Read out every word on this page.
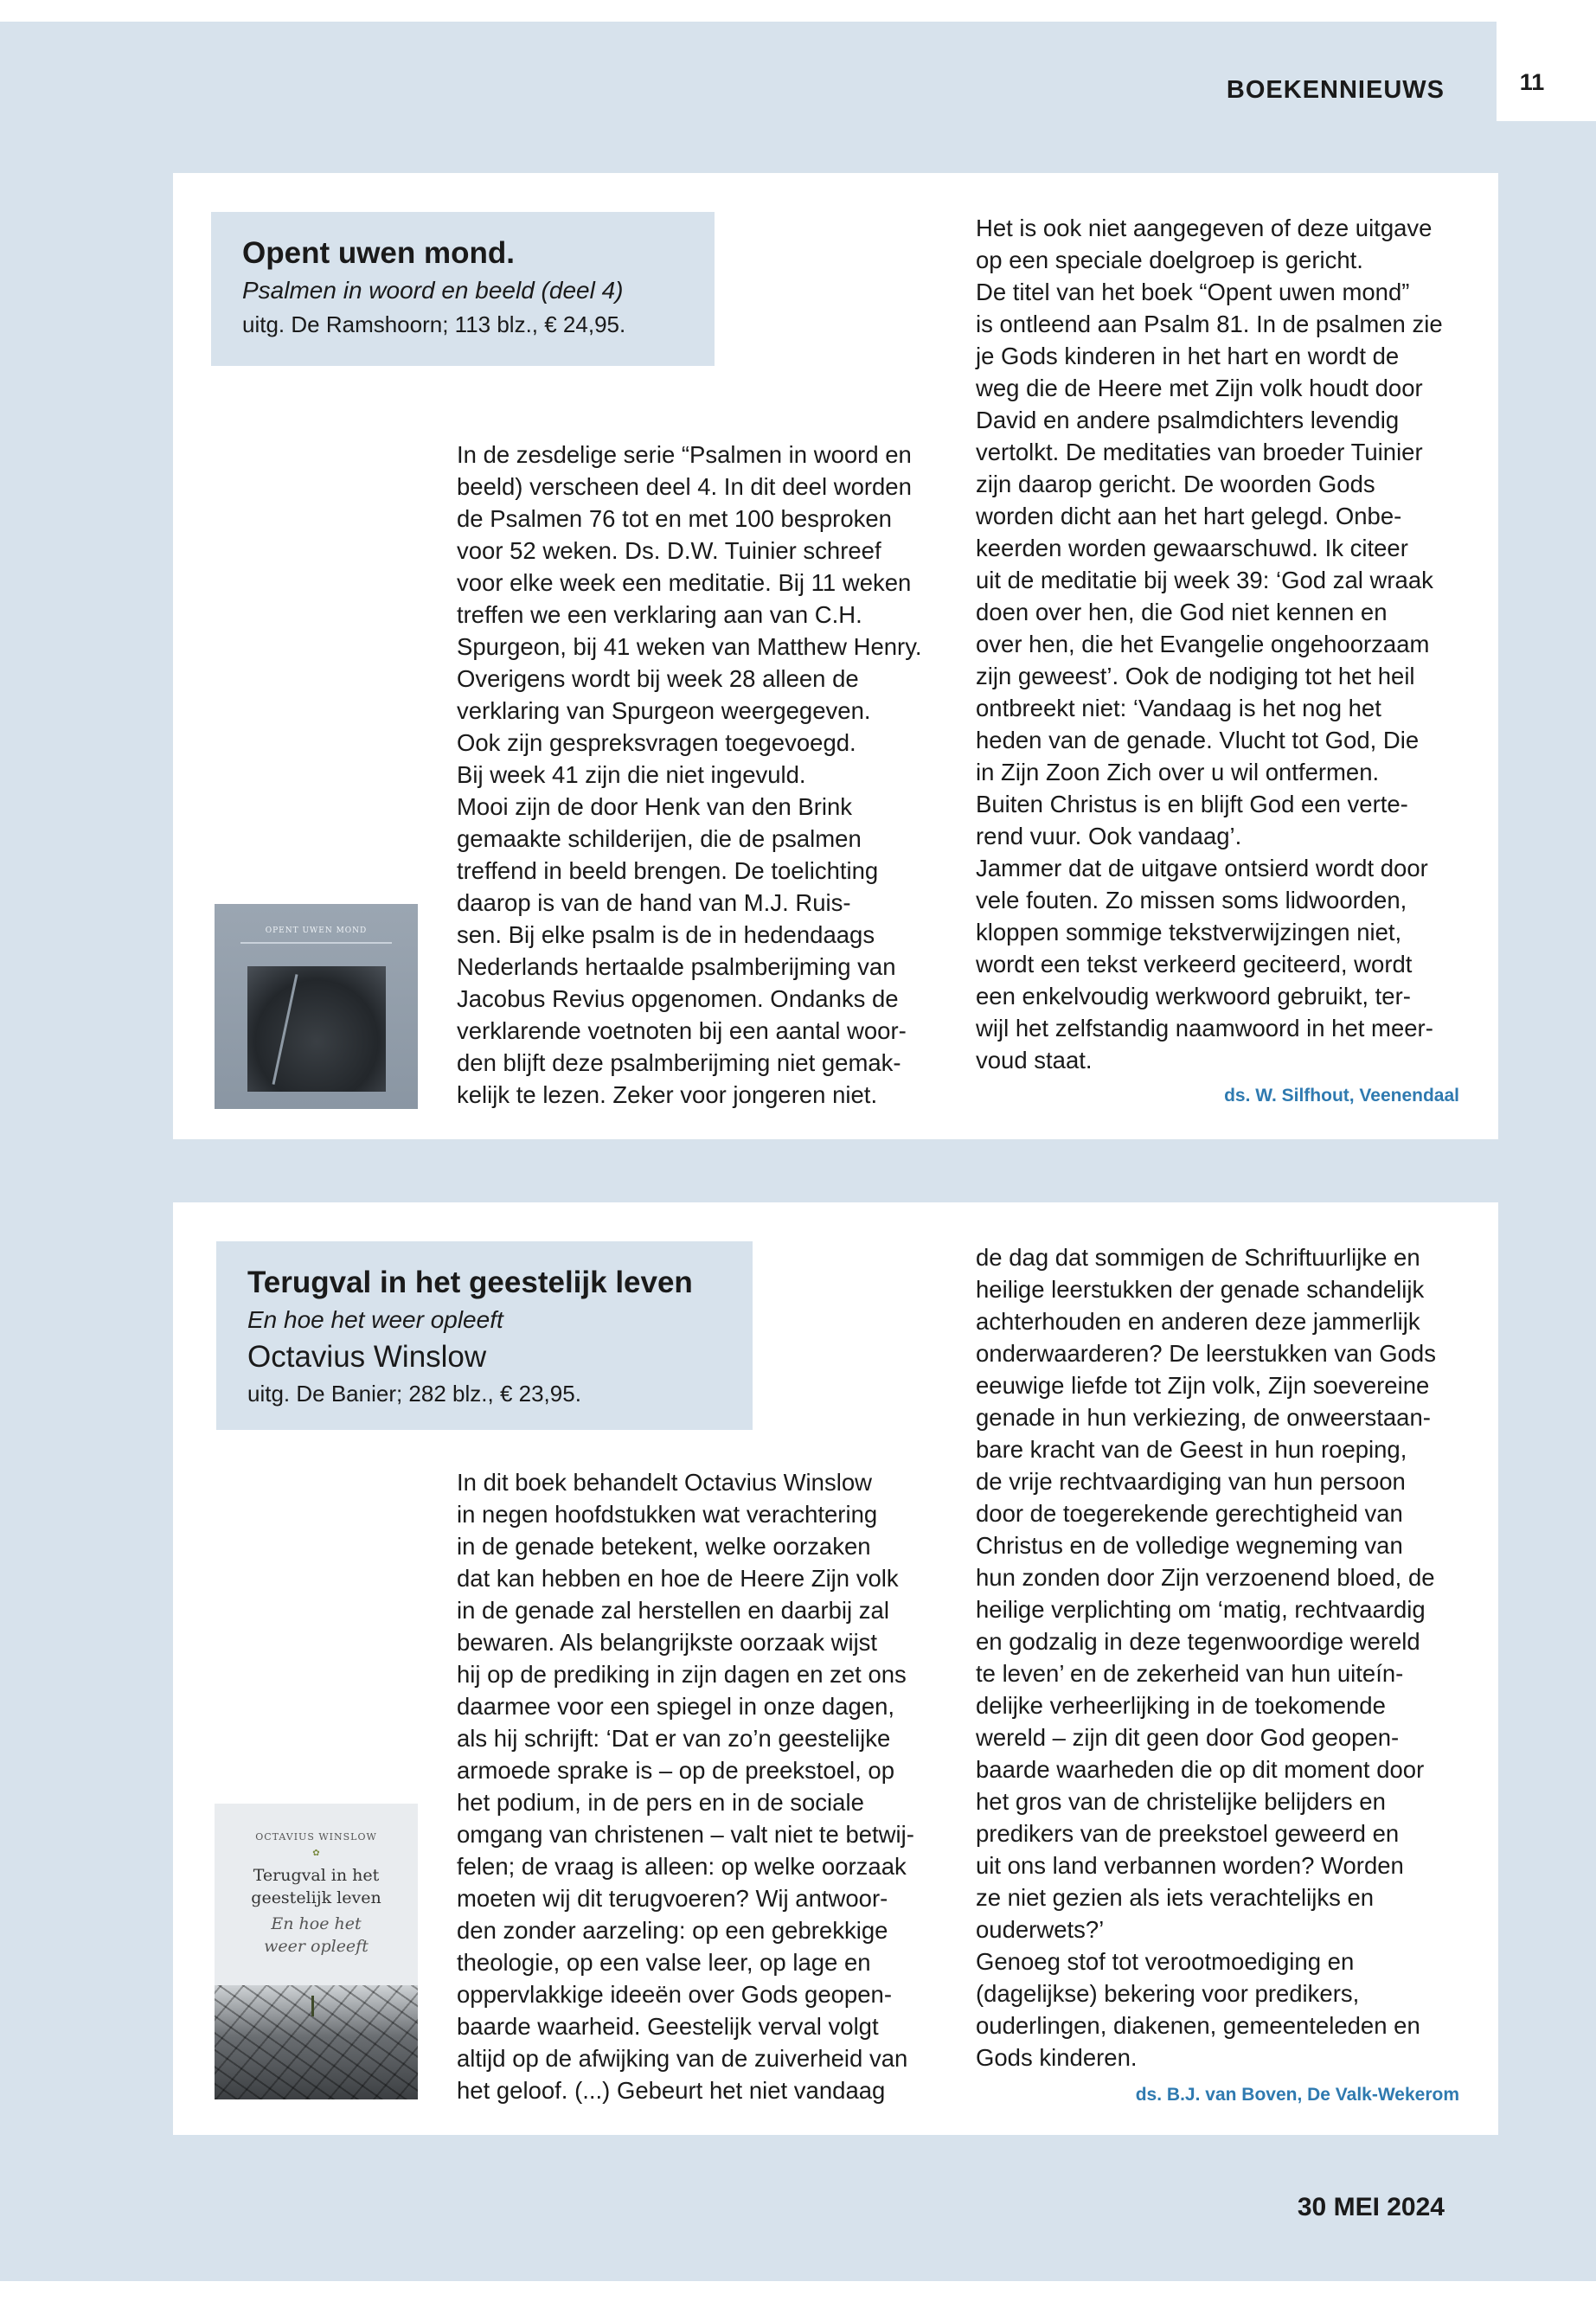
11
BOEKENNIEUWS
Opent uwen mond.
Psalmen in woord en beeld (deel 4)
uitg. De Ramshoorn; 113 blz., € 24,95.
OPENT UWEN MOND
In de zesdelige serie “Psalmen in woord en
beeld) verscheen deel 4. In dit deel worden
de Psalmen 76 tot en met 100 besproken
voor 52 weken. Ds. D.W. Tuinier schreef
voor elke week een meditatie. Bij 11 weken
treffen we een verklaring aan van C.H.
Spurgeon, bij 41 weken van Matthew Henry.
Overigens wordt bij week 28 alleen de
verklaring van Spurgeon weergegeven.
Ook zijn gespreksvragen toegevoegd.
Bij week 41 zijn die niet ingevuld.
Mooi zijn de door Henk van den Brink
gemaakte schilderijen, die de psalmen
treffend in beeld brengen. De toelichting
daarop is van de hand van M.J. Ruis-
sen. Bij elke psalm is de in hedendaags
Nederlands hertaalde psalmberijming van
Jacobus Revius opgenomen. Ondanks de
verklarende voetnoten bij een aantal woor-
den blijft deze psalmberijming niet gemak-
kelijk te lezen. Zeker voor jongeren niet.
Het is ook niet aangegeven of deze uitgave
op een speciale doelgroep is gericht.
De titel van het boek “Opent uwen mond”
is ontleend aan Psalm 81. In de psalmen zie
je Gods kinderen in het hart en wordt de
weg die de Heere met Zijn volk houdt door
David en andere psalmdichters levendig
vertolkt. De meditaties van broeder Tuinier
zijn daarop gericht. De woorden Gods
worden dicht aan het hart gelegd. Onbe-
keerden worden gewaarschuwd. Ik citeer
uit de meditatie bij week 39: ‘God zal wraak
doen over hen, die God niet kennen en
over hen, die het Evangelie ongehoorzaam
zijn geweest’. Ook de nodiging tot het heil
ontbreekt niet: ‘Vandaag is het nog het
heden van de genade. Vlucht tot God, Die
in Zijn Zoon Zich over u wil ontfermen.
Buiten Christus is en blijft God een verte-
rend vuur. Ook vandaag’.
Jammer dat de uitgave ontsierd wordt door
vele fouten. Zo missen soms lidwoorden,
kloppen sommige tekstverwijzingen niet,
wordt een tekst verkeerd geciteerd, wordt
een enkelvoudig werkwoord gebruikt, ter-
wijl het zelfstandig naamwoord in het meer-
voud staat.
ds. W. Silfhout, Veenendaal
Terugval in het geestelijk leven
En hoe het weer opleeft
Octavius Winslow
uitg. De Banier; 282 blz., € 23,95.
OCTAVIUS WINSLOW
✿
Terugval in het
geestelijk leven
En hoe het
weer opleeft
In dit boek behandelt Octavius Winslow
in negen hoofdstukken wat verachtering
in de genade betekent, welke oorzaken
dat kan hebben en hoe de Heere Zijn volk
in de genade zal herstellen en daarbij zal
bewaren. Als belangrijkste oorzaak wijst
hij op de prediking in zijn dagen en zet ons
daarmee voor een spiegel in onze dagen,
als hij schrijft: ‘Dat er van zo’n geestelijke
armoede sprake is – op de preekstoel, op
het podium, in de pers en in de sociale
omgang van christenen – valt niet te betwij-
felen; de vraag is alleen: op welke oorzaak
moeten wij dit terugvoeren? Wij antwoor-
den zonder aarzeling: op een gebrekkige
theologie, op een valse leer, op lage en
oppervlakkige ideeën over Gods geopen-
baarde waarheid. Geestelijk verval volgt
altijd op de afwijking van de zuiverheid van
het geloof. (...) Gebeurt het niet vandaag
de dag dat sommigen de Schriftuurlijke en
heilige leerstukken der genade schandelijk
achterhouden en anderen deze jammerlijk
onderwaarderen? De leerstukken van Gods
eeuwige liefde tot Zijn volk, Zijn soevereine
genade in hun verkiezing, de onweerstaan-
bare kracht van de Geest in hun roeping,
de vrije rechtvaardiging van hun persoon
door de toegerekende gerechtigheid van
Christus en de volledige wegneming van
hun zonden door Zijn verzoenend bloed, de
heilige verplichting om ‘matig, rechtvaardig
en godzalig in deze tegenwoordige wereld
te leven’ en de zekerheid van hun uiteín-
delijke verheerlijking in de toekomende
wereld – zijn dit geen door God geopen-
baarde waarheden die op dit moment door
het gros van de christelijke belijders en
predikers van de preekstoel geweerd en
uit ons land verbannen worden? Worden
ze niet gezien als iets verachtelijks en
ouderwets?’
Genoeg stof tot verootmoediging en
(dagelijkse) bekering voor predikers,
ouderlingen, diakenen, gemeenteleden en
Gods kinderen.
ds. B.J. van Boven, De Valk-Wekerom
30 MEI 2024
